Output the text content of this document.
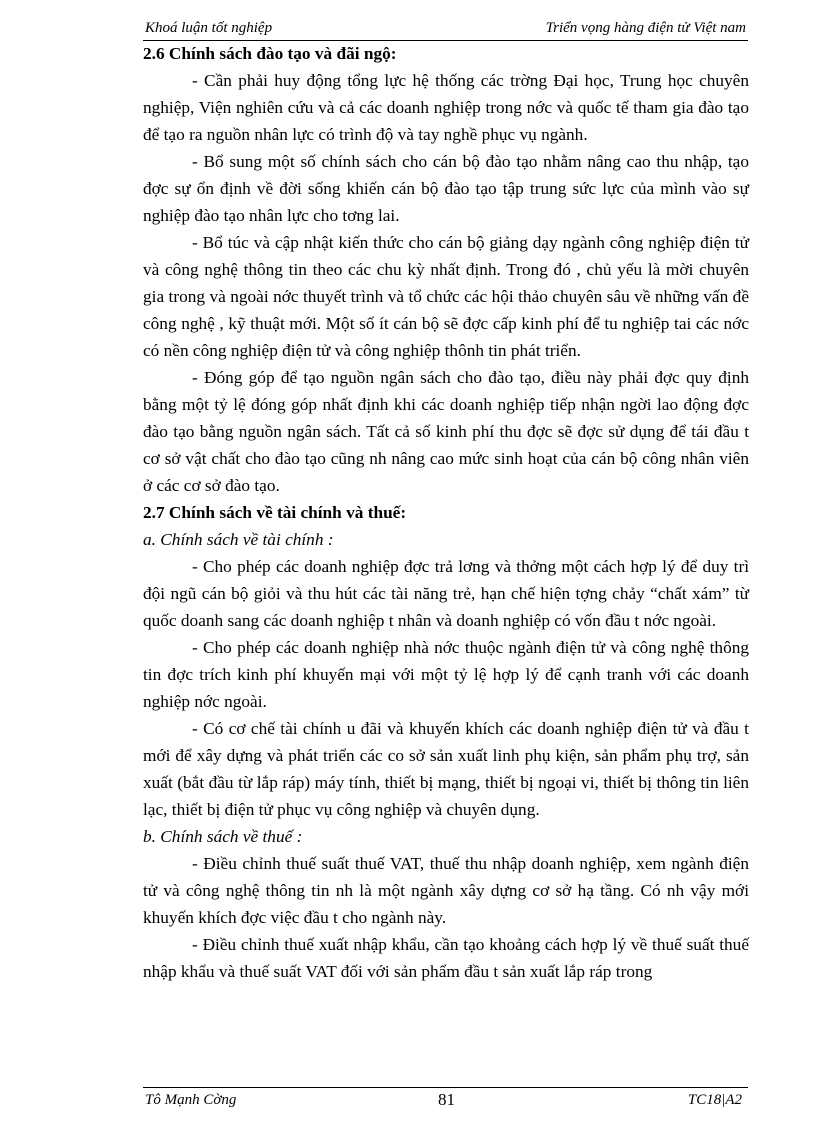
Khoá luận tốt nghiệp	Triển vọng hàng điện tử Việt nam

2.6 Chính sách đào tạo và đãi ngộ:

- Cần phải huy động tổng lực hệ thống các trờng Đại học, Trung học chuyên nghiệp, Viện nghiên cứu và cả các doanh nghiệp trong nớc và quốc tế tham gia đào tạo để tạo ra nguồn nhân lực có trình độ và tay nghề phục vụ ngành.

- Bổ sung một số chính sách cho cán bộ đào tạo nhằm nâng cao thu nhập, tạo đợc sự ổn định về đời sống khiến cán bộ đào tạo tập trung sức lực của mình vào sự nghiệp đào tạo nhân lực cho tơng lai.

- Bổ túc và cập nhật kiến thức cho cán bộ giảng dạy ngành công nghiệp điện tử và công nghệ thông tin theo các chu kỳ nhất định. Trong đó , chủ yếu là mời chuyên gia trong và ngoài nớc thuyết trình và tổ chức các hội thảo chuyên sâu về những vấn đề công nghệ , kỹ thuật mới. Một số ít cán bộ sẽ đợc cấp kinh phí để tu nghiệp tai các nớc có nền công nghiệp điện tử và công nghiệp thônh tin phát triển.

- Đóng góp để tạo nguồn ngân sách cho đào tạo, điều này phải đợc quy định bằng một tỷ lệ đóng góp nhất định khi các doanh nghiệp tiếp nhận ngời lao động đợc đào tạo bằng nguồn ngân sách. Tất cả số kinh phí thu đợc sẽ đợc sử dụng để tái đầu t cơ sở vật chất cho đào tạo cũng nh nâng cao mức sinh hoạt của cán bộ công nhân viên ở các cơ sở đào tạo.

2.7 Chính sách về tài chính và thuế:

a. Chính sách về tài chính :

- Cho phép các doanh nghiệp đợc trả lơng và thởng một cách hợp lý để duy trì đội ngũ cán bộ giỏi và thu hút các tài năng trẻ, hạn chế hiện tợng chảy “chất xám” từ quốc doanh sang các doanh nghiệp t nhân và doanh nghiệp có vốn đầu t nớc ngoài.

- Cho phép các doanh nghiệp nhà nớc thuộc ngành điện tử và công nghệ thông tin đợc trích kinh phí khuyến mại với một tỷ lệ hợp lý để cạnh tranh với các doanh nghiệp nớc ngoài.

- Có cơ chế tài chính u đãi và khuyến khích các doanh nghiệp điện tử và đầu t mới để xây dựng và phát triển các co sở sản xuất linh phụ kiện, sản phẩm phụ trợ, sản xuất (bắt đầu từ lắp ráp) máy tính, thiết bị mạng, thiết bị ngoại vi, thiết bị thông tin liên lạc, thiết bị điện tử phục vụ công nghiệp và chuyên dụng.

b. Chính sách về thuế :

- Điều chỉnh thuế suất thuế VAT, thuế thu nhập doanh nghiệp, xem ngành điện tử và công nghệ thông tin nh là một ngành xây dựng cơ sở hạ tầng. Có nh vậy mới khuyến khích đợc việc đầu t cho ngành này.

- Điều chỉnh thuế xuất nhập khẩu, cần tạo khoảng cách hợp lý về thuế suất thuế nhập khẩu và thuế suất VAT đối với sản phẩm đầu t sản xuất lắp ráp trong

Tô Mạnh Cờng	81	TC18|A2
